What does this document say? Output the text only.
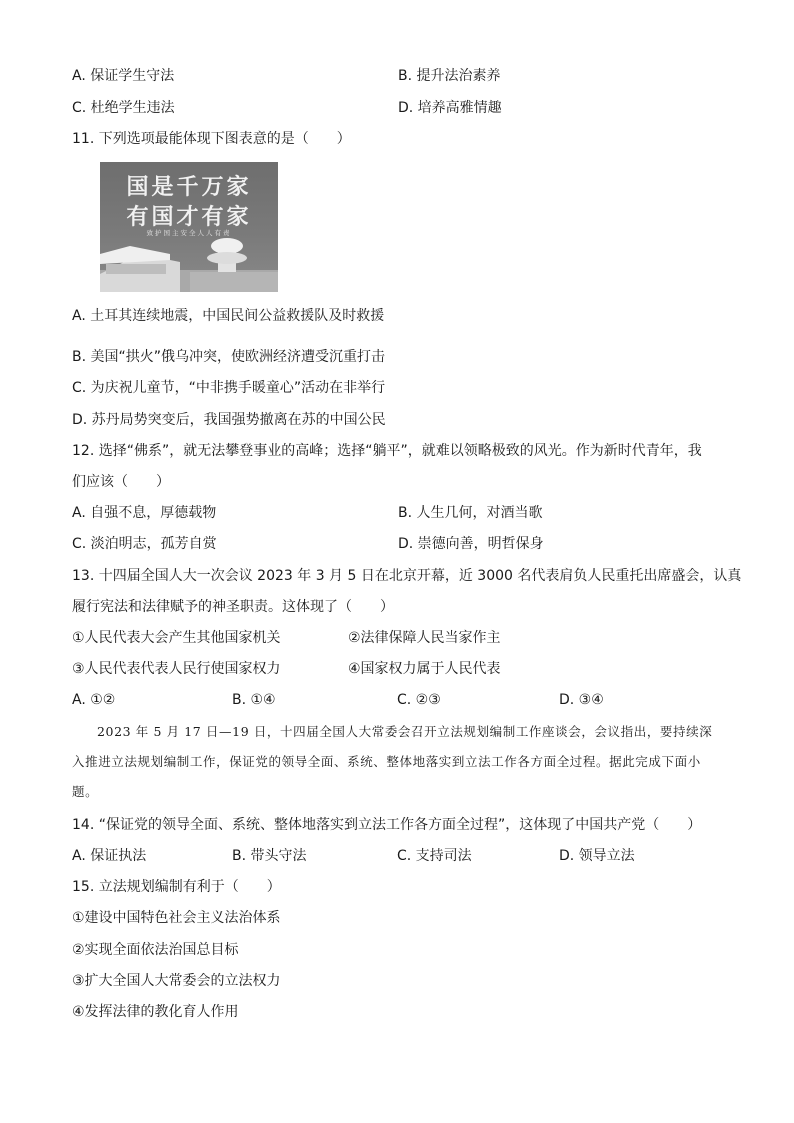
A. 保证学生守法	B. 提升法治素养
C. 杜绝学生违法	D. 培养高雅情趣
11. 下列选项最能体现下图表意的是（　　）
国是千万家
有国才有家
致护国主安全人人有责
A. 土耳其连续地震，中国民间公益救援队及时救援
B. 美国“拱火”俄乌冲突，使欧洲经济遭受沉重打击
C. 为庆祝儿童节，“中非携手暖童心”活动在非举行
D. 苏丹局势突变后，我国强势撤离在苏的中国公民
12. 选择“佛系”，就无法攀登事业的高峰；选择“躺平”，就难以领略极致的风光。作为新时代青年，我
们应该（　　）
A. 自强不息，厚德载物	B. 人生几何，对酒当歌
C. 淡泊明志，孤芳自赏	D. 崇德向善，明哲保身
13. 十四届全国人大一次会议 2023 年 3 月 5 日在北京开幕，近 3000 名代表肩负人民重托出席盛会，认真
履行宪法和法律赋予的神圣职责。这体现了（　　）
①人民代表大会产生其他国家机关	②法律保障人民当家作主
③人民代表代表人民行使国家权力	④国家权力属于人民代表
A. ①②	B. ①④	C. ②③	D. ③④
2023 年 5 月 17 日—19 日，十四届全国人大常委会召开立法规划编制工作座谈会，会议指出，要持续深入推进立法规划编制工作，保证党的领导全面、系统、整体地落实到立法工作各方面全过程。据此完成下面小题。
14. “保证党的领导全面、系统、整体地落实到立法工作各方面全过程”，这体现了中国共产党（　　）
A. 保证执法	B. 带头守法	C. 支持司法	D. 领导立法
15. 立法规划编制有利于（　　）
①建设中国特色社会主义法治体系
②实现全面依法治国总目标
③扩大全国人大常委会的立法权力
④发挥法律的教化育人作用
